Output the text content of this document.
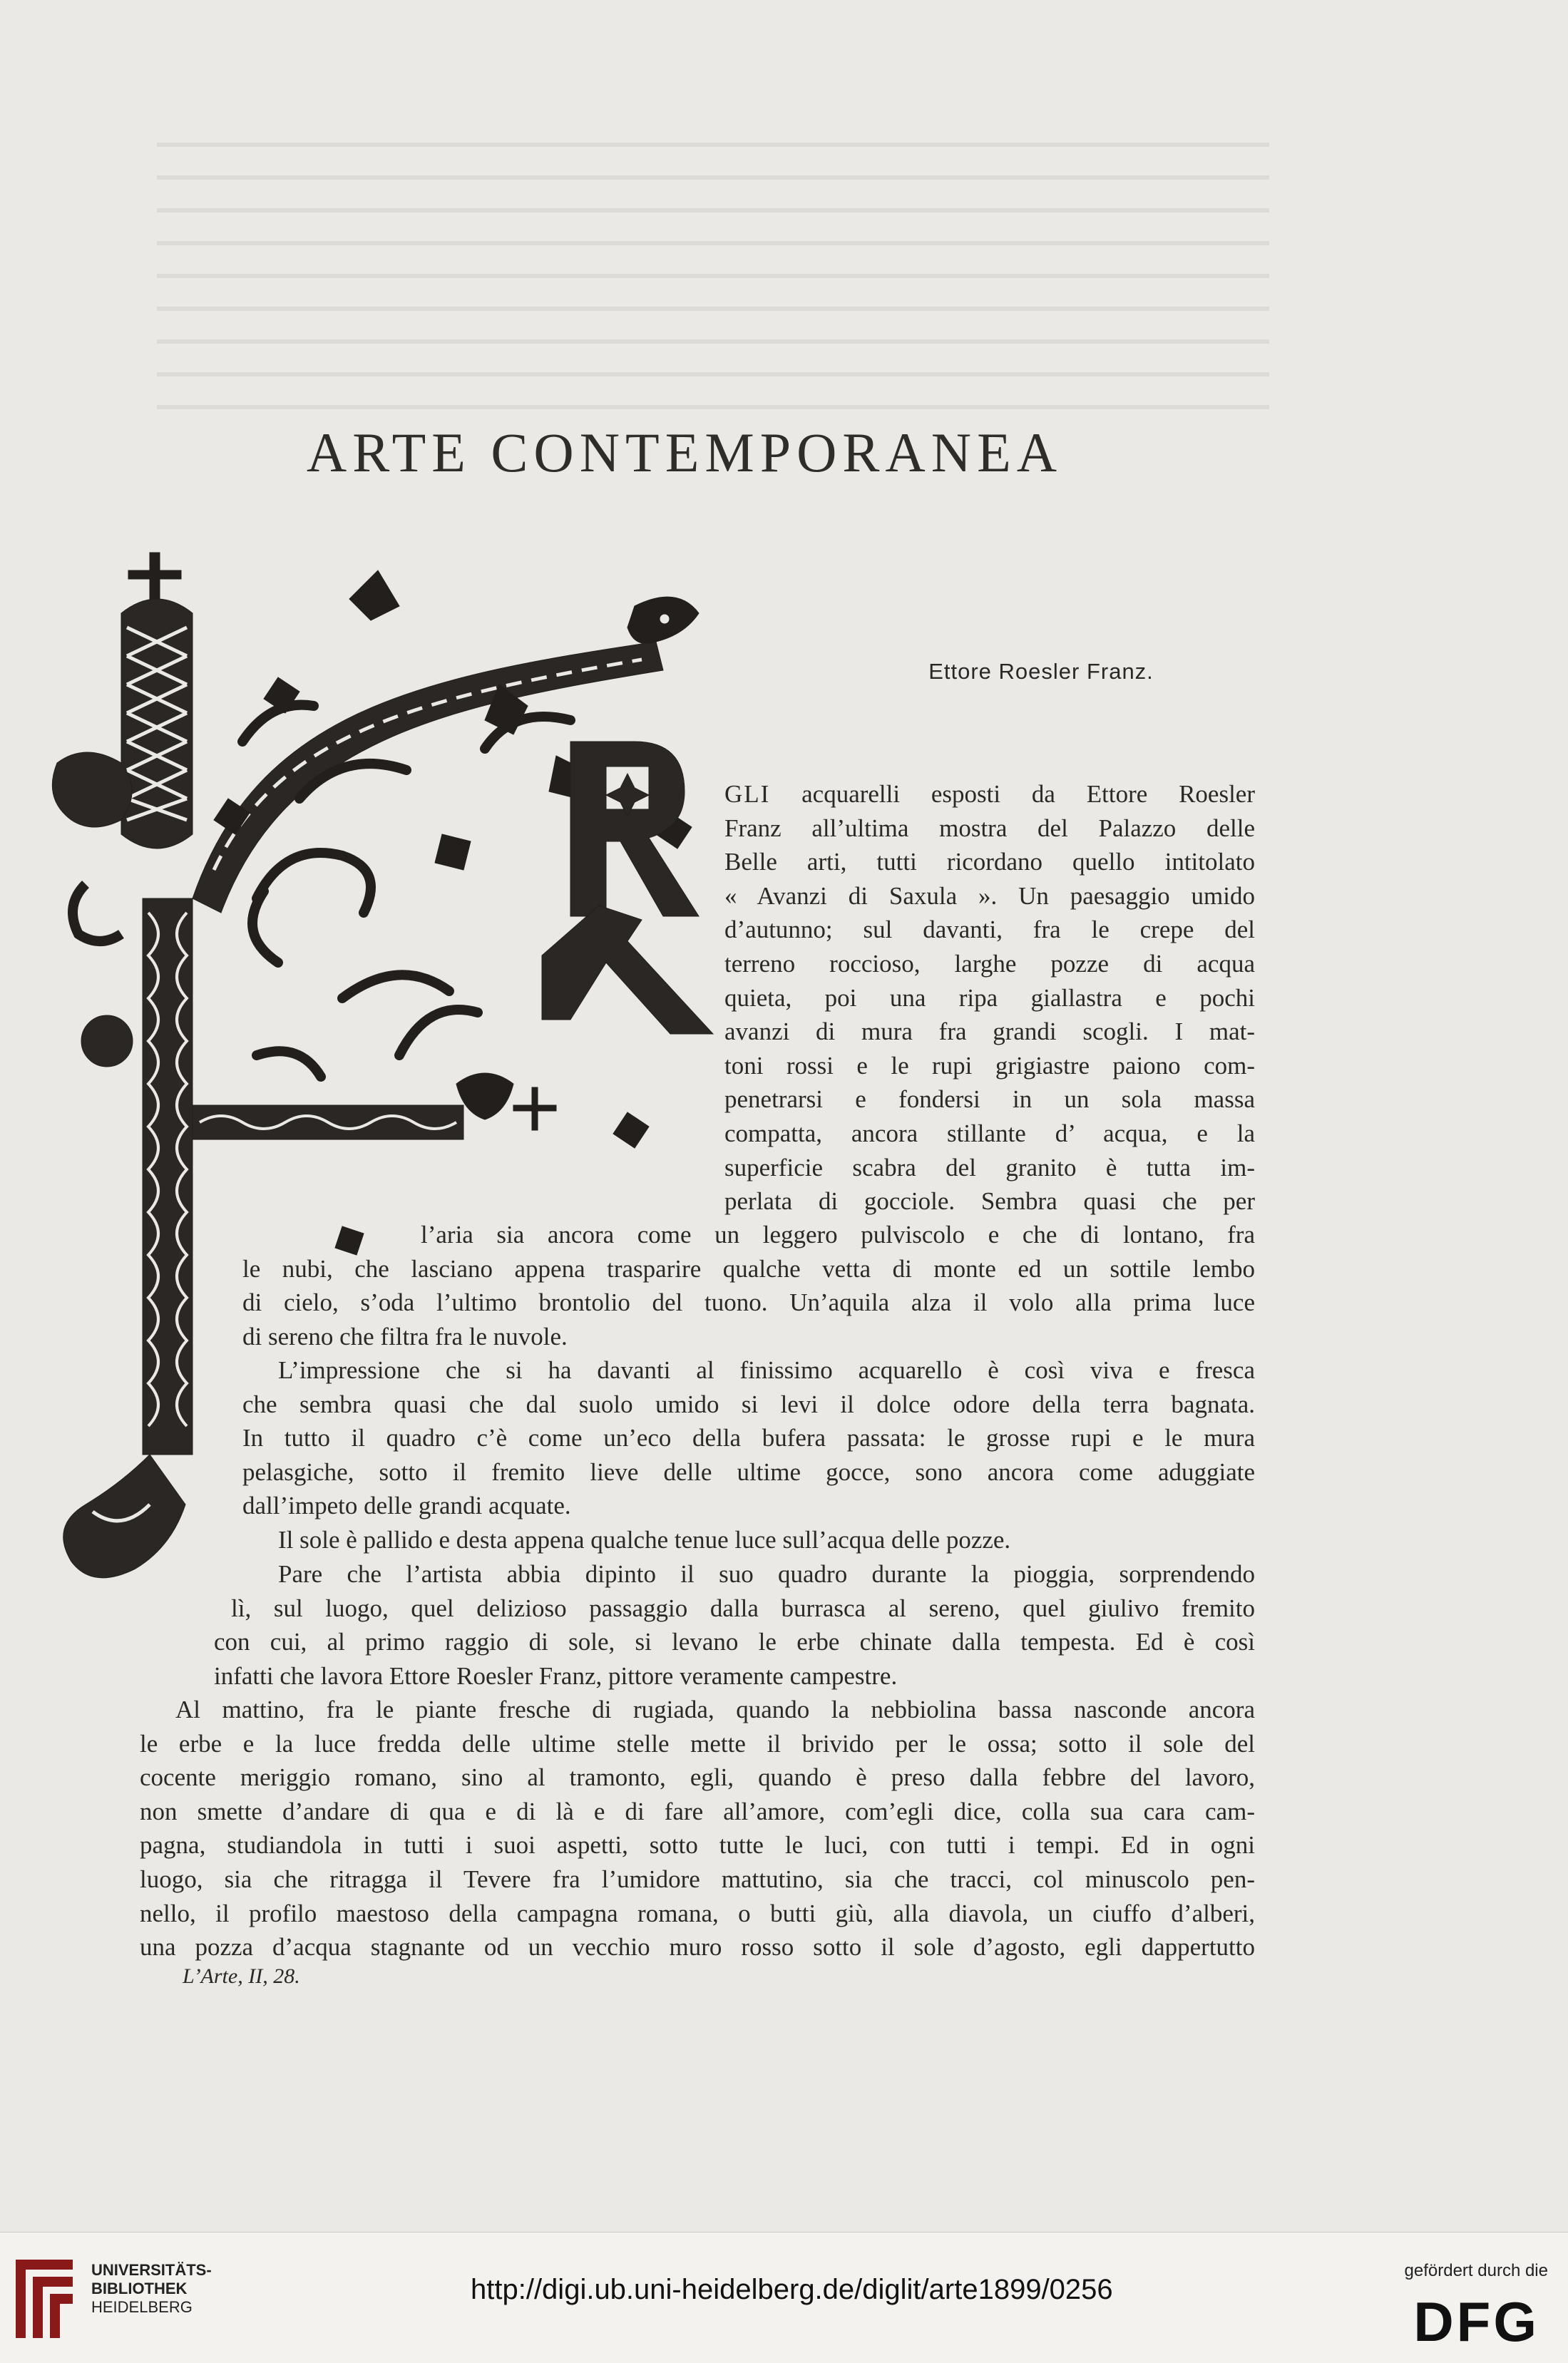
ARTE CONTEMPORANEA
Ettore Roesler Franz.
GLI acquarelli esposti da Ettore Roesler
Franz all’ultima mostra del Palazzo delle
Belle arti, tutti ricordano quello intitolato
« Avanzi di Saxula ». Un paesaggio umido
d’autunno; sul davanti, fra le crepe del
terreno roccioso, larghe pozze di acqua
quieta, poi una ripa giallastra e pochi
avanzi di mura fra grandi scogli. I mat-
toni rossi e le rupi grigiastre paiono com-
penetrarsi e fondersi in un sola massa
compatta, ancora stillante d’ acqua, e la
superficie scabra del granito è tutta im-
perlata di gocciole. Sembra quasi che per
l’aria sia ancora come un leggero pulviscolo e che di lontano, fra
le nubi, che lasciano appena trasparire qualche vetta di monte ed un sottile lembo
di cielo, s’oda l’ultimo brontolio del tuono. Un’aquila alza il volo alla prima luce
di sereno che filtra fra le nuvole.
L’impressione che si ha davanti al finissimo acquarello è così viva e fresca
che sembra quasi che dal suolo umido si levi il dolce odore della terra bagnata.
In tutto il quadro c’è come un’eco della bufera passata: le grosse rupi e le mura
pelasgiche, sotto il fremito lieve delle ultime gocce, sono ancora come aduggiate
dall’impeto delle grandi acquate.
Il sole è pallido e desta appena qualche tenue luce sull’acqua delle pozze.
Pare che l’artista abbia dipinto il suo quadro durante la pioggia, sorprendendo
lì, sul luogo, quel delizioso passaggio dalla burrasca al sereno, quel giulivo fremito
con cui, al primo raggio di sole, si levano le erbe chinate dalla tempesta. Ed è così
infatti che lavora Ettore Roesler Franz, pittore veramente campestre.
Al mattino, fra le piante fresche di rugiada, quando la nebbiolina bassa nasconde ancora
le erbe e la luce fredda delle ultime stelle mette il brivido per le ossa; sotto il sole del
cocente meriggio romano, sino al tramonto, egli, quando è preso dalla febbre del lavoro,
non smette d’andare di qua e di là e di fare all’amore, com’egli dice, colla sua cara cam-
pagna, studiandola in tutti i suoi aspetti, sotto tutte le luci, con tutti i tempi. Ed in ogni
luogo, sia che ritragga il Tevere fra l’umidore mattutino, sia che tracci, col minuscolo pen-
nello, il profilo maestoso della campagna romana, o butti giù, alla diavola, un ciuffo d’alberi,
una pozza d’acqua stagnante od un vecchio muro rosso sotto il sole d’agosto, egli dappertutto
L’Arte, II, 28.
UNIVERSITÄTS-
BIBLIOTHEK
HEIDELBERG
http://digi.ub.uni-heidelberg.de/diglit/arte1899/0256
gefördert durch die
DFG
